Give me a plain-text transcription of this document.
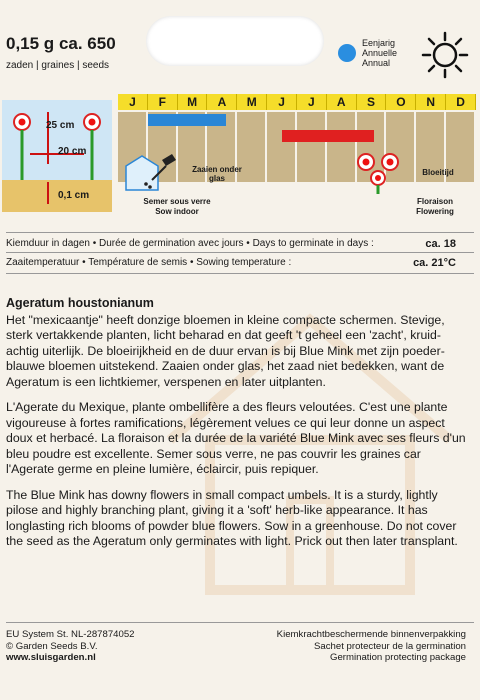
0,15 g ca. 650
zaden | graines | seeds
Eenjarig
Annuelle
Annual
J	F	M	A	M	J	J	A	S	O	N	D
25 cm
20 cm
0,1 cm
Zaaien onder glas
Semer sous verre
Sow indoor
Bloeitijd
Floraison
Flowering
Kiemduur in dagen • Durée de germination avec jours • Days to germinate in days :	ca. 18
Zaaitemperatuur • Température de semis • Sowing temperature :	ca. 21°C
Ageratum houstonianum

Het "mexicaantje" heeft donzige bloemen in kleine compacte schermen. Stevige, sterk vertakkende planten, licht beharad en dat geeft 't geheel een 'zacht', kruid-achtig uiterlijk. De bloeirijkheid en de duur ervan is bij Blue Mink met zijn poeder-blauwe bloemen uitstekend. Zaaien onder glas, het zaad niet bedekken, want de Ageratum is een lichtkiemer, verspenen en later uitplanten.

L'Agerate du Mexique, plante ombellifère a des fleurs veloutées. C'est une plante vigoureuse à fortes ramifications, légèrement velues ce qui leur donne un aspect doux et herbacé. La floraison et la durée de la variété Blue Mink avec ses fleurs d'un bleu poudre est excellente. Semer sous verre, ne pas couvrir les graines car l'Agerate germe en pleine lumière, éclaircir, puis repiquer.

The Blue Mink has downy flowers in small compact umbels. It is a sturdy, lightly pilose and highly branching plant, giving it a 'soft' herb-like appearance. It has longlasting rich blooms of powder blue flowers. Sow in a greenhouse. Do not cover the seed as the Ageratum only germinates with light. Prick out then later transplant.

EU System St. NL-287874052
© Garden Seeds B.V.
www.sluisgarden.nl
Kiemkrachtbeschermende binnenverpakking
Sachet protecteur de la germination
Germination protecting package
